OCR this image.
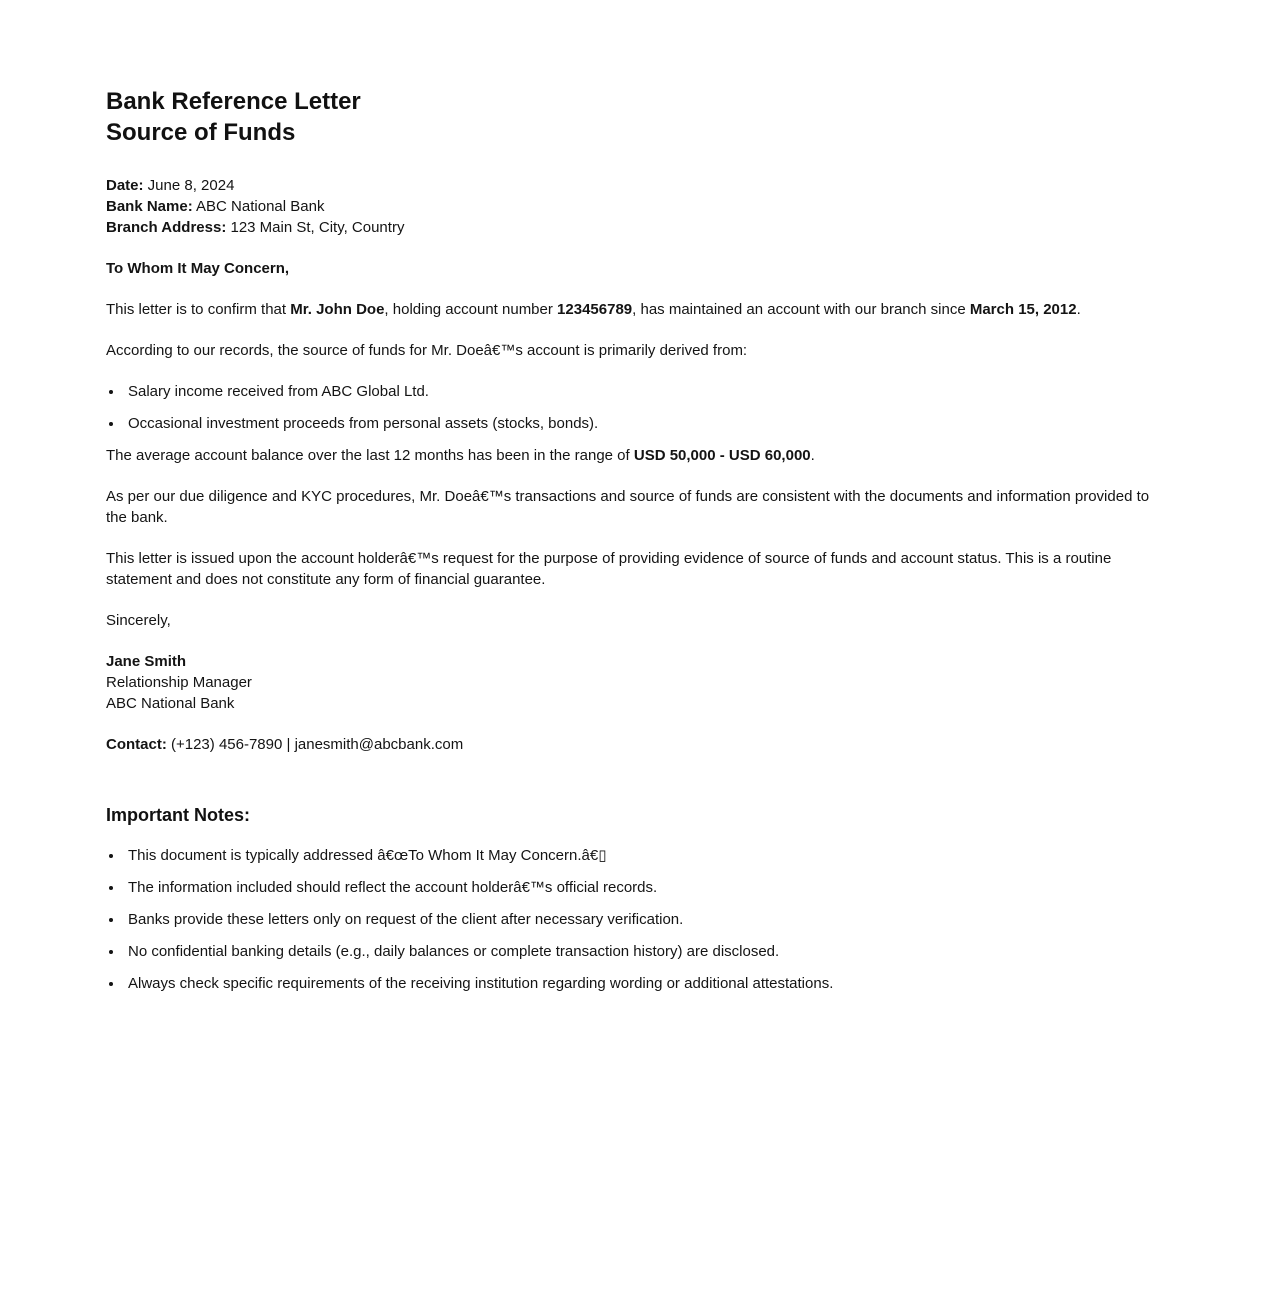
Bank Reference Letter
Source of Funds

Date: June 8, 2024
Bank Name: ABC National Bank
Branch Address: 123 Main St, City, Country

To Whom It May Concern,

This letter is to confirm that Mr. John Doe, holding account number 123456789, has maintained an account with our branch since March 15, 2012.

According to our records, the source of funds for Mr. Doeâ€™s account is primarily derived from:

• Salary income received from ABC Global Ltd.
• Occasional investment proceeds from personal assets (stocks, bonds).

The average account balance over the last 12 months has been in the range of USD 50,000 - USD 60,000.

As per our due diligence and KYC procedures, Mr. Doeâ€™s transactions and source of funds are consistent with the documents and information provided to the bank.

This letter is issued upon the account holderâ€™s request for the purpose of providing evidence of source of funds and account status. This is a routine statement and does not constitute any form of financial guarantee.

Sincerely,

Jane Smith
Relationship Manager
ABC National Bank

Contact: (+123) 456-7890 | janesmith@abcbank.com

Important Notes:
• This document is typically addressed â€œTo Whom It May Concern.â€▯
• The information included should reflect the account holderâ€™s official records.
• Banks provide these letters only on request of the client after necessary verification.
• No confidential banking details (e.g., daily balances or complete transaction history) are disclosed.
• Always check specific requirements of the receiving institution regarding wording or additional attestations.
